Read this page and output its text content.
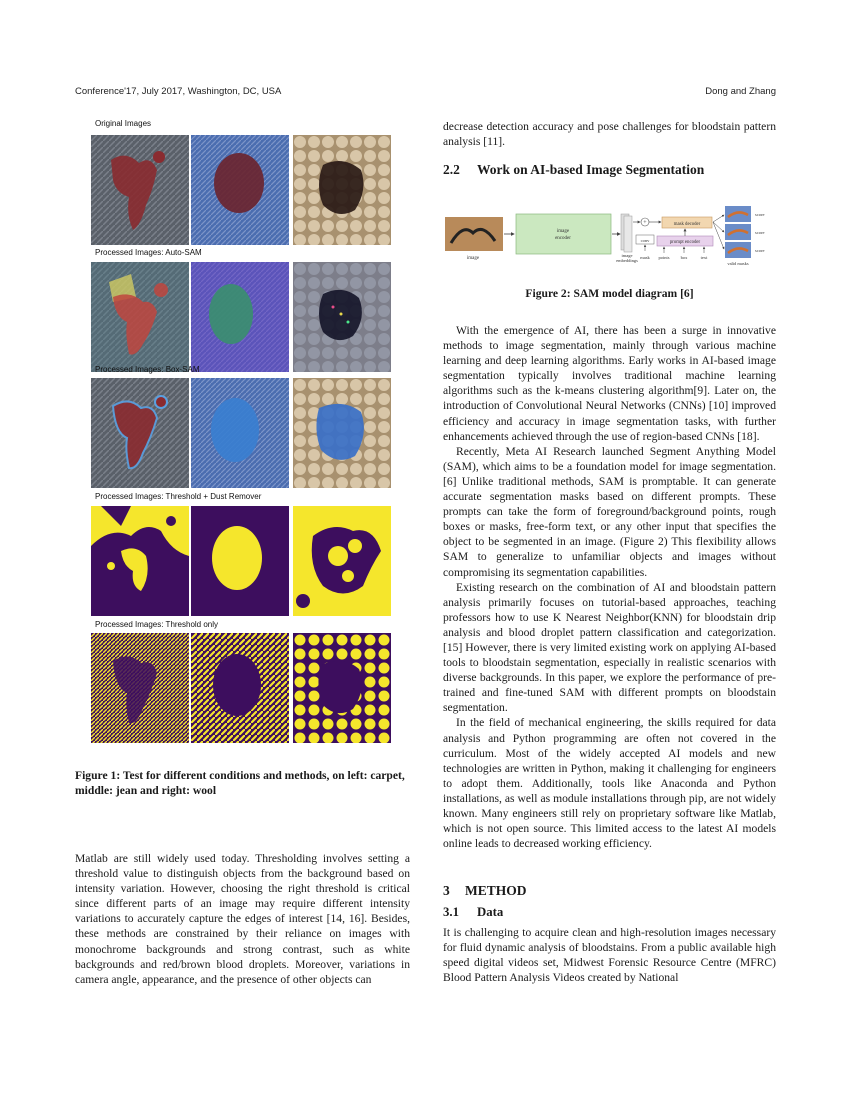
Conference'17, July 2017, Washington, DC, USA	Dong and Zhang
Original Images
Processed Images: Auto-SAM
Processed Images: Box-SAM
Processed Images: Threshold + Dust Remover
Processed Images: Threshold only
Figure 1: Test for different conditions and methods, on left: carpet, middle: jean and right: wool

Matlab are still widely used today. Thresholding involves setting a threshold value to distinguish objects from the background based on intensity variation. However, choosing the right threshold is critical since different parts of an image may require different intensity variations to accurately capture the edges of interest [14, 16]. Besides, these methods are constrained by their reliance on images with monochrome backgrounds and strong contrast, such as white backgrounds and red/brown blood droplets. Moreover, variations in camera angle, appearance, and the presence of other objects can

decrease detection accuracy and pose challenges for bloodstain pattern analysis [11].

2.2 Work on AI-based Image Segmentation
image
image
encoder
image
embeddings
+
conv
mask decoder
prompt encoder
mask points box	text
valid masks
score
score
score
Figure 2: SAM model diagram [6]

With the emergence of AI, there has been a surge in innovative methods to image segmentation, mainly through various machine learning and deep learning algorithms. Early works in AI-based image segmentation typically involves traditional machine learning algorithms such as the k-means clustering algorithm[9]. Later on, the introduction of Convolutional Neural Networks (CNNs) [10] improved efficiency and accuracy in image segmentation tasks, with further enhancements achieved through the use of region-based CNNs [18].

Recently, Meta AI Research launched Segment Anything Model (SAM), which aims to be a foundation model for image segmentation. [6] Unlike traditional methods, SAM is promptable. It can generate accurate segmentation masks based on different prompts. These prompts can take the form of foreground/background points, rough boxes or masks, free-form text, or any other input that specifies the object to be segmented in an image. (Figure 2) This flexibility allows SAM to generalize to unfamiliar objects and images without compromising its segmentation capabilities.

Existing research on the combination of AI and bloodstain pattern analysis primarily focuses on tutorial-based approaches, teaching professors how to use K Nearest Neighbor(KNN) for bloodstain drip analysis and blood droplet pattern classification and categorization. [15] However, there is very limited existing work on applying AI-based tools to bloodstain segmentation, especially in realistic scenarios with diverse backgrounds. In this paper, we explore the performance of pre-trained and fine-tuned SAM with different prompts on bloodstain segmentation.

In the field of mechanical engineering, the skills required for data analysis and Python programming are often not covered in the curriculum. Most of the widely accepted AI models and new technologies are written in Python, making it challenging for engineers to adopt them. Additionally, tools like Anaconda and Python installations, as well as module installations through pip, are not widely known. Many engineers still rely on proprietary software like Matlab, which is not open source. This limited access to the latest AI models online leads to decreased working efficiency.

3 METHOD
3.1 Data

It is challenging to acquire clean and high-resolution images necessary for fluid dynamic analysis of bloodstains. From a public available high speed digital videos set, Midwest Forensic Resource Centre (MFRC) Blood Pattern Analysis Videos created by National
